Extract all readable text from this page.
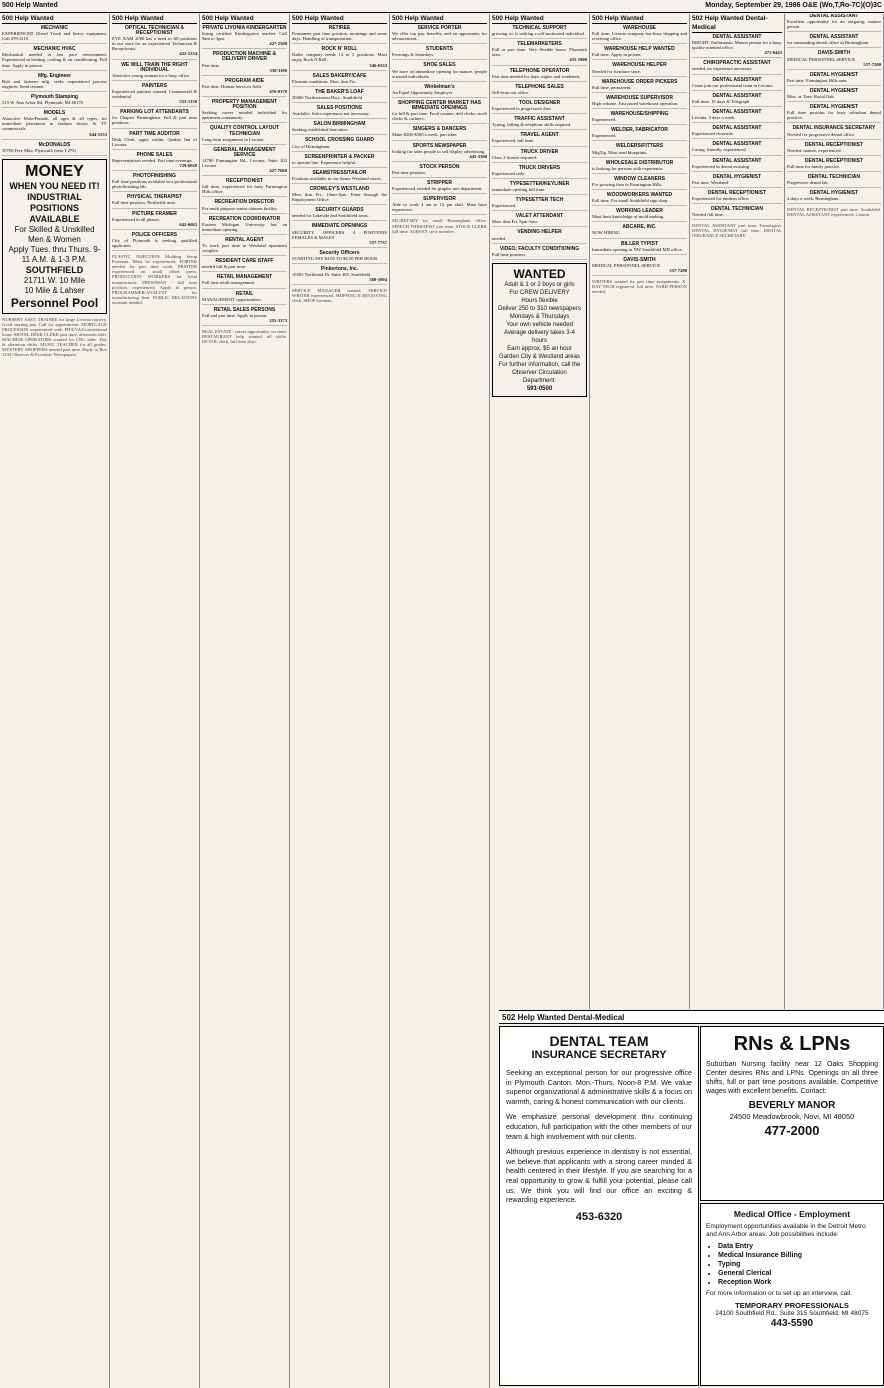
500 Help Wanted	Monday, September 29, 1986 O&E (Wo,T,Ro-7C)(O)3C
500 Help Wanted
MECHANIC
EXPERIENCED Diesel Truck and heavy equipment. Call 478-2110
MECHANIC HVAC
Mechanical needed in fast pace environment. Experienced in heating, cooling & air conditioning. Full time. Apply in person.
Mfg. Engineer
Bolt and fastener mfg. seeks experienced process engineer. Send resume.
Plymouth Stamping
315 W. Ann Arbor Rd. Plymouth, MI 48170
MODELS
Attractive Male/Female, all ages & all types, for immediate placement in fashion shows & TV commercials.
644-5533
McDONALDS
39700 Five Mile, Plymouth (near I-275)
MONEY
WHEN YOU NEED IT!
INDUSTRIAL POSITIONS AVAILABLE
For Skilled & Unskilled Men & Women
Apply Tues. thru Thurs. 9-11 A.M. & 1-3 P.M.
SOUTHFIELD
21711 W. 10 Mile
10 Mile & Lahser
Personnel Pool
NURSERY ASST. TRAINEE for large Livonia nursery. Good starting pay. Call for appointment. MORTGAGE PROCESSOR experienced with FHA/VA/Conventional loans. MOTEL DESK CLERK part time, afternoon shift. MACHINE OPERATORS wanted for CNC lathe. Day & afternoon shifts. MUSIC TEACHER for all grades. MYSTERY SHOPPERS needed part time. Reply to Box 1234 Observer & Eccentric Newspapers.
500 Help Wanted
OPTICAL TECHNICIAN & RECEPTIONIST
EYE XAM 2000 has a need to fill positions in our store for an experienced Technician & Receptionist.
422-2334
WE WILL TRAIN THE RIGHT INDIVIDUAL
Attractive young woman for a busy office.
PAINTERS
Experienced painters wanted. Commercial & residential.
553-3139
PARKING LOT ATTENDANTS
for Chapter Birmingham. Full & part time positions.
PART TIME AUDITOR
Desk Clerk, apply within. Quality Inn of Livonia.
PHONE SALES
Representatives needed. Part time evenings.
729-6020
PHOTOFINISHING
Full time positions available in a professional photofinishing lab.
PHYSICAL THERAPIST
Full time position, Northville area.
PICTURE FRAMER
Experienced in all phases.
642-6663
POLICE OFFICERS
City of Plymouth is seeking qualified applicants.
PLASTIC INJECTION Molding Setup Foreman. Must be experienced. PORTER needed for part time work. PRINTER experienced on small offset press. PRODUCTION WORKERS for local manufacturer. PRESSMAN - full time position, experienced. Apply in person. PROGRAMMER/ANALYST for manufacturing firm. PUBLIC RELATIONS assistant needed.
500 Help Wanted
PRIVATE LIVONIA KINDERGARTEN
hiring certified Kindergarten teacher. Call 9am to 3pm.
427-2500
PRODUCTION MACHINE & DELIVERY DRIVER
Part time
538-1100
PROGRAM AIDE
Part time. Human Services field.
476-0170
PROPERTY MANAGEMENT POSITION
Seeking career minded individual for apartment community.
QUALITY CONTROL LAYOUT TECHNICIAN
Long term assignment in Livonia.
GENERAL MANAGEMENT SERVICE
14700 Farmington Rd., Livonia, Suite 203 Livonia
427-7660
RECEPTIONIST
full time, experienced for busy Farmington Hills office.
RECREATION DIRECTOR
For multi purpose senior citizens facility.
RECREATION COORDINATOR
Eastern Michigan University has an immediate opening.
RENTAL AGENT
To work part time in Westland apartment complex.
RESIDENT CARE STAFF
needed full & part time.
RETAIL MANAGEMENT
Full time retail management.
RETAIL
MANAGEMENT opportunities.
RETAIL SALES PERSONS
Full and part time. Apply in person.
255-3373
REAL ESTATE - career opportunity, we train. RESTAURANT help wanted, all shifts. RETAIL clerk, full time days.
500 Help Wanted
RETIREE
Permanent part time position, mornings and some days. Handling of transportation.
ROCK N' ROLL
Radio company needs 14 to 3 positions. Must enjoy Rock N Roll.
346-6333
SALES BAKERY/CAFE
Pleasant conditions. Mon. thru Fri.
THE BAKER'S LOAF
29406 Northwestern Hwy., Southfield
SALES POSITIONS
Available. Sales experience not necessary.
SALON BIRMINGHAM
Seeking established haircutter.
SCHOOL CROSSING GUARD
City of Birmingham.
SCREENPRINTER & PACKER
to operate line. Experience helpful.
SEAMSTRESS/TAILOR
Positions available in our future Westland stores.
CROWLEY'S WESTLAND
Mon. thru Fri., 10am-3pm. Enter through the Employment Office.
SECURITY GUARDS
needed for Lakeside and Southfield areas.
IMMEDIATE OPENINGS
SECURITY OFFICERS 4 POSITIONS FEMALES & MALES
557-7737
Security Officers
STARTING PAY $4.05 TO $4.50 PER HOUR
Pinkertons, Inc.
15565 Northland Dr. Suite 205, Southfield
569-1004
SERVICE MANAGER wanted. SERVICE WRITER experienced. SHIPPING & RECEIVING clerk. SHOP foreman.
500 Help Wanted
SERVICE PORTER
We offer top pay, benefits, and an opportunity for advancement.
STUDENTS
Evenings & Saturdays
SHOE SALES
We have an immediate opening for mature, people oriented individuals.
Winkelman's
An Equal Opportunity Employer
SHOPPING CENTER MARKET HAS IMMEDIATE OPENINGS
for full & part time. Food counter, deli clerks, stock clerks & cashiers.
SINGERS & DANCERS
Make $200-$300 a week, part time.
SPORTS NEWSPAPER
looking for sales people to sell display advertising.
445-3300
STOCK PERSON
Part time position.
STRIPPER
Experienced, needed for graphic arts department.
SUPERVISOR
Able to work 4 am to 12 pm shift. Must have experience.
SECRETARY for small Birmingham office. SPEECH THERAPIST part time. STOCK CLERK full time. SURVEY crew member.
500 Help Wanted
TECHNICAL SUPPORT
growing co. is seeking a self-motivated individual.
TELEMARKETERS
Full or part time. Very flexible hours. Plymouth area.
455-1900
TELEPHONE OPERATOR
Part time needed for days, nights and weekends.
TELEPHONE SALES
Sell from our office.
TOOL DESIGNER
Experienced in progressive dies.
TRAFFIC ASSISTANT
Typing, billing & telephone skills required.
TRAVEL AGENT
Experienced, full time.
TRUCK DRIVER
Class 2 license required.
TRUCK DRIVERS
Experienced only.
TYPESETTER/KEYLINER
immediate opening full time.
TYPESETTER TECH
Experienced.
VALET ATTENDANT
Mon. thru Fri. 5pm-1am.
VENDING HELPER
needed.
VIDEO, FACULTY CONDITIONING
Full time position.
WANTED
Adult & 1 or 2 boys or girls
For CREW DELIVERY
Hours flexible
Deliver 250 to 310 newspapers
Mondays & Thursdays
Your own vehicle needed
Average delivery takes 3-4 hours
Earn approx. $5 an hour
Garden City & Westland areas
For further information, call the Observer Circulation Department:
591-0500
500 Help Wanted
WAREHOUSE
Full time, Livonia company has busy shipping and receiving office.
WAREHOUSE HELP WANTED
Full time. Apply in person.
WAREHOUSE HELPER
Needed for furniture store.
WAREHOUSE ORDER PICKERS
Full time, permanent.
WAREHOUSE SUPERVISOR
High volume. Fast paced warehouse operation.
WAREHOUSE/SHIPPING
Experienced.
WELDER, FABRICATOR
Experienced.
WELDERS/FITTERS
MigTig. Must read blueprints.
WHOLESALE DISTRIBUTOR
is looking for persons with experience.
WINDOW CLEANERS
For growing firm in Farmington Hills.
WOODWORKERS WANTED
Full time. For small Southfield sign shop.
WORKING LEADER
Must have knowledge of mold making.
ABCARE, INC.
NOW HIRING
BILLER TYPIST
Immediate opening in NW Southfield MD office.
DAVIS-SMITH
MEDICAL PERSONNEL SERVICE
557-7200
WRITERS wanted for part time assignments. X-RAY TECH registered, full time. YARD PERSON needed.
502 Help Wanted Dental-Medical
DENTAL ASSISTANT
BRIGHT, Enthusiastic Mature person for a busy, quality oriented office.
471-0443
CHIROPRACTIC ASSISTANT
needed, no experience necessary.
DENTAL ASSISTANT
Come join our professional team in Livonia.
DENTAL ASSISTANT
Full time, 10 days & Telegraph
DENTAL ASSISTANT
Livonia, 3 days a week.
DENTAL ASSISTANT
Experienced chairside.
DENTAL ASSISTANT
Caring, friendly, experienced.
DENTAL ASSISTANT
Experienced in dental assisting.
DENTAL HYGIENIST
Part time, Westland.
DENTAL RECEPTIONIST
Experienced for modern office.
DENTAL TECHNICIAN
Needed full time.
DENTAL ASSISTANT part time, Farmington. DENTAL HYGIENIST full time. DENTAL INSURANCE SECRETARY.
DENTAL ASSISTANT
Excellent opportunity for an outgoing, mature person.
DENTAL ASSISTANT
for outstanding dental office in Birmingham.
DAVIS-SMITH
MEDICAL PERSONNEL SERVICE
557-7200
DENTAL HYGIENIST
Part time, Farmington Hills area.
DENTAL HYGIENIST
Mon. or Tues. Royal Oak.
DENTAL HYGIENIST
Full time position for busy suburban dental practice.
DENTAL INSURANCE SECRETARY
Needed for progressive dental office.
DENTAL RECEPTIONIST
Needed, mature, experienced.
DENTAL RECEPTIONIST
Full time for family practice.
DENTAL TECHNICIAN
Progressive dental lab.
DENTAL HYGIENIST
4 days a week. Birmingham.
DENTAL RECEPTIONIST part time, Southfield. DENTAL ASSISTANT experienced, Canton.
502 Help Wanted Dental-Medical
DENTAL TEAM
INSURANCE SECRETARY
Seeking an exceptional person for our progressive office in Plymouth Canton. Mon.-Thurs. Noon-8 P.M. We value superior organizational & administrative skills & a focus on warmth, caring & honest communication with our clients.
We emphasize personal development thru continuing education, full participation with the other members of our team & high involvement with our clients.
Although previous experience in dentistry is not essential, we believe that applicants with a strong career minded & health centered in their lifestyle. If you are searching for a real opportunity to grow & fulfill your potential, please call us. We think you will find our office an exciting & rewarding experience.
453-6320
RNs & LPNs
Suburban Nursing facility near 12 Oaks Shopping Center desires RNs and LPNs. Openings on all three shifts, full or part time positions available. Competitive wages with excellent benefits. Contact:
BEVERLY MANOR
24500 Meadowbrook, Novi, MI 48050
477-2000
Medical Office - Employment
Employment opportunities available in the Detroit Metro and Ann Arbor areas. Job possibilities include:
• Data Entry
• Medical Insurance Billing
• Typing
• General Clerical
• Reception Work
For more information or to set up an interview, call:
TEMPORARY PROFESSIONALS
24100 Southfield Rd., Suite 315 Southfield, MI 48075
443-5590
